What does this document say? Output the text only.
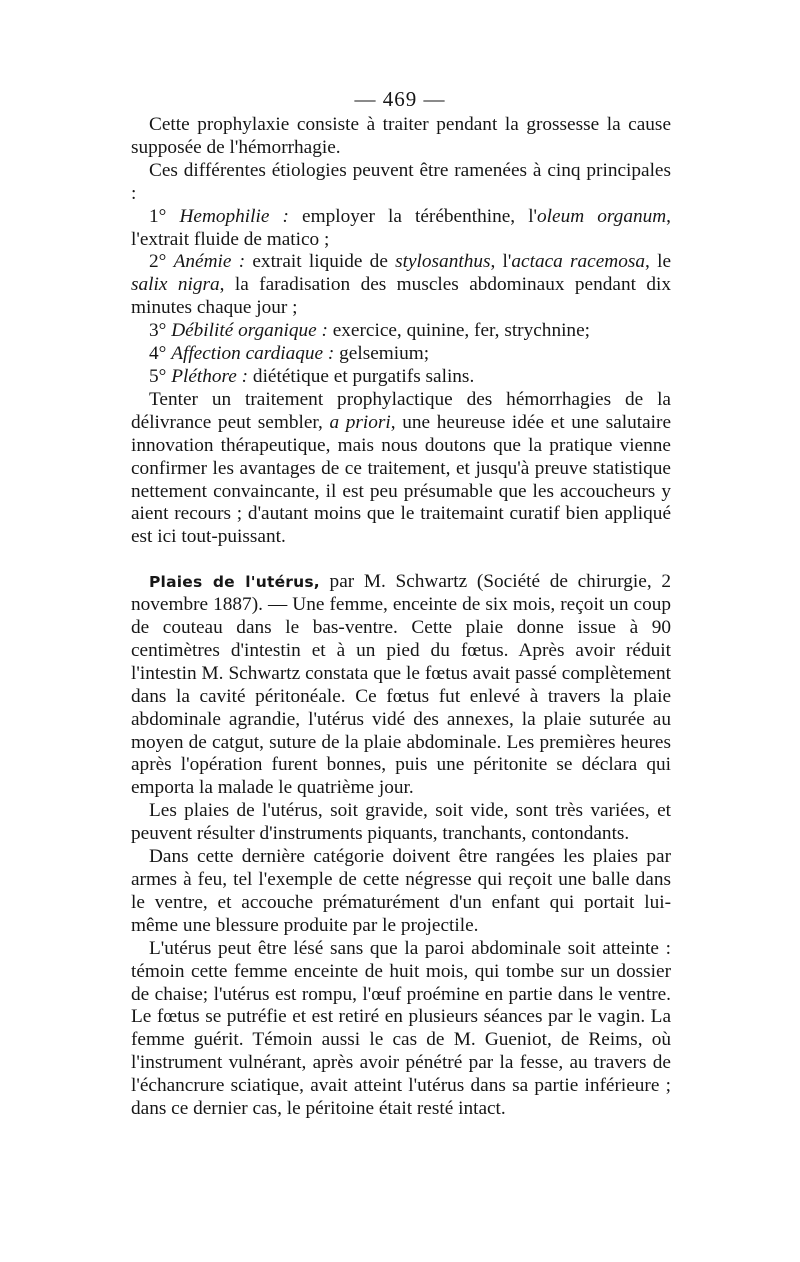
— 469 —

Cette prophylaxie consiste à traiter pendant la grossesse la cause supposée de l'hémorrhagie.

Ces différentes étiologies peuvent être ramenées à cinq principales :

1° Hemophilie : employer la térébenthine, l'oleum organum, l'extrait fluide de matico ;

2° Anémie : extrait liquide de stylosanthus, l'actaca racemosa, le salix nigra, la faradisation des muscles abdominaux pendant dix minutes chaque jour ;

3° Débilité organique : exercice, quinine, fer, strychnine;

4° Affection cardiaque : gelsemium;

5° Pléthore : diététique et purgatifs salins.

Tenter un traitement prophylactique des hémorrhagies de la délivrance peut sembler, a priori, une heureuse idée et une salutaire innovation thérapeutique, mais nous doutons que la pratique vienne confirmer les avantages de ce traitement, et jusqu'à preuve statistique nettement convaincante, il est peu présumable que les accoucheurs y aient recours ; d'autant moins que le traitemaint curatif bien appliqué est ici tout-puissant.

Plaies de l'utérus, par M. Schwartz (Société de chirurgie, 2 novembre 1887). — Une femme, enceinte de six mois, reçoit un coup de couteau dans le bas-ventre. Cette plaie donne issue à 90 centimètres d'intestin et à un pied du fœtus. Après avoir réduit l'intestin M. Schwartz constata que le fœtus avait passé complètement dans la cavité péritonéale. Ce fœtus fut enlevé à travers la plaie abdominale agrandie, l'utérus vidé des annexes, la plaie suturée au moyen de catgut, suture de la plaie abdominale. Les premières heures après l'opération furent bonnes, puis une péritonite se déclara qui emporta la malade le quatrième jour.

Les plaies de l'utérus, soit gravide, soit vide, sont très variées, et peuvent résulter d'instruments piquants, tranchants, contondants.

Dans cette dernière catégorie doivent être rangées les plaies par armes à feu, tel l'exemple de cette négresse qui reçoit une balle dans le ventre, et accouche prématurément d'un enfant qui portait lui-même une blessure produite par le projectile.

L'utérus peut être lésé sans que la paroi abdominale soit atteinte : témoin cette femme enceinte de huit mois, qui tombe sur un dossier de chaise; l'utérus est rompu, l'œuf proémine en partie dans le ventre. Le fœtus se putréfie et est retiré en plusieurs séances par le vagin. La femme guérit. Témoin aussi le cas de M. Gueniot, de Reims, où l'instrument vulnérant, après avoir pénétré par la fesse, au travers de l'échancrure sciatique, avait atteint l'utérus dans sa partie inférieure ; dans ce dernier cas, le péritoine était resté intact.
